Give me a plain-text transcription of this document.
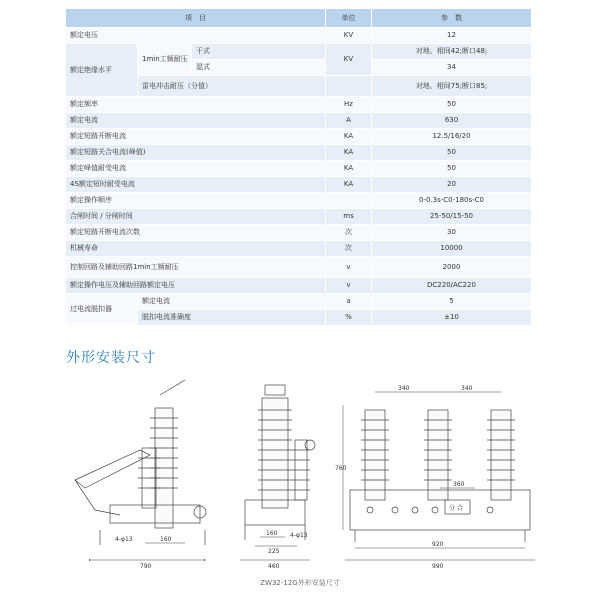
项　目			单位	参　数
额定电压			KV	12
额定绝缘水平	1min工频耐压	干式	KV	对地、相间42;断口48;
		湿式		34
	雷电冲击耐压（分值）			对地、相间75;断口85;
额定频率			Hz	50
额定电流			A	630
额定短路开断电流			KA	12.5/16/20
额定短路关合电流(峰值)			KA	50
额定峰值耐受电流			KA	50
4S额定短时耐受电流			KA	20
额定操作顺序				0-0.3s-C0-180s-C0
合闸时间 / 分闸时间			ms	25-50/15-50
额定短路开断电流次数			次	30
机械寿命			次	10000
控制回路及辅助回路1min工频耐压			v	2000
额定操作电压及辅助回路额定电压			v	DC220/AC220
过电流脱扣器	额定电流		a	5
	脱扣电流准确度		%	±10
外形安装尺寸
790
160
4-φ13
160 4-φ13
225
460
340	340
760
360
920
990
分 合
ZW32-12G外形安装尺寸
